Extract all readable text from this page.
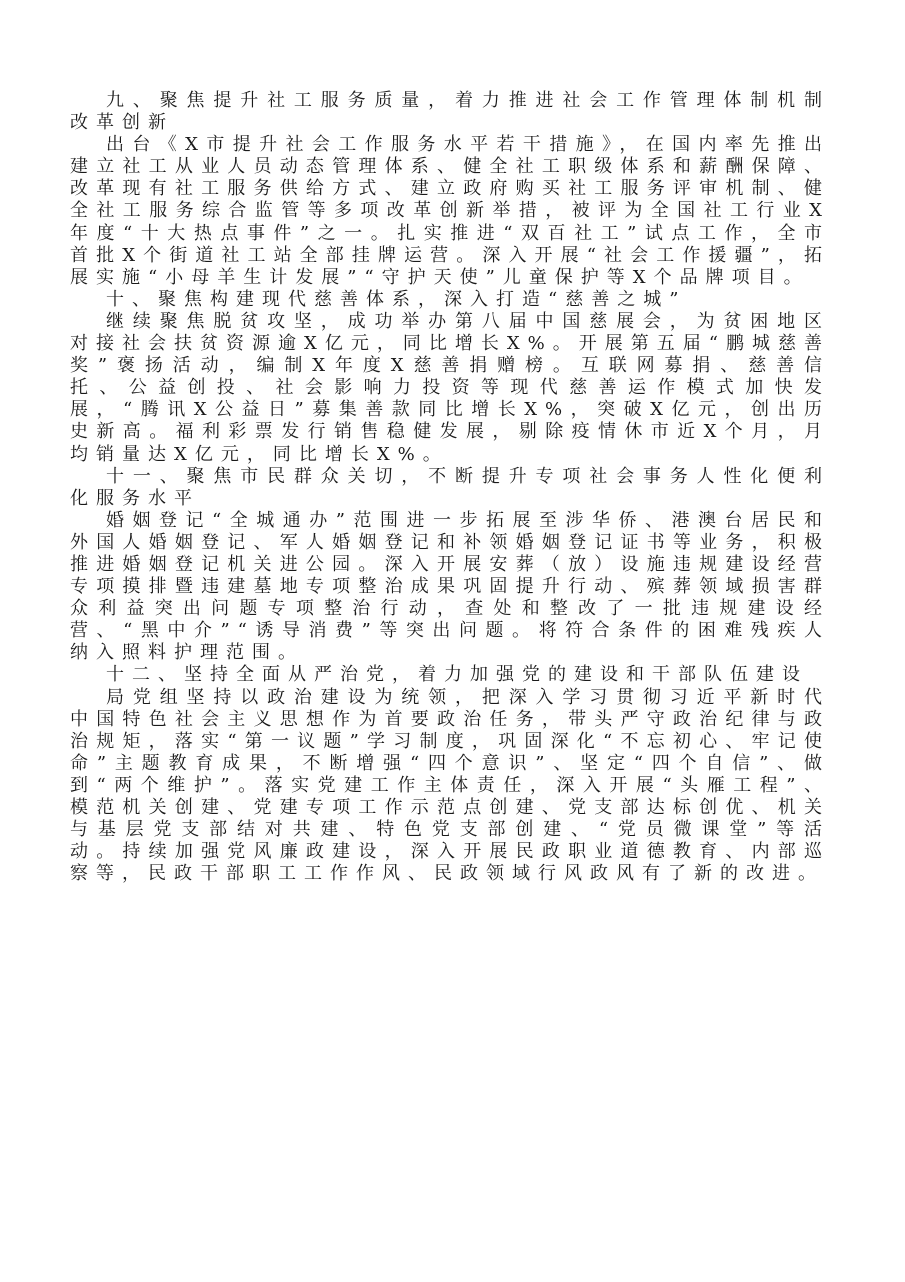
九、聚焦提升社工服务质量，着力推进社会工作管理体制机制改革创新

出台《X市提升社会工作服务水平若干措施》，在国内率先推出建立社工从业人员动态管理体系、健全社工职级体系和薪酬保障、改革现有社工服务供给方式、建立政府购买社工服务评审机制、健全社工服务综合监管等多项改革创新举措，被评为全国社工行业X年度“十大热点事件”之一。扎实推进“双百社工”试点工作，全市首批X个街道社工站全部挂牌运营。深入开展“社会工作援疆”，拓展实施“小母羊生计发展”“守护天使”儿童保护等X个品牌项目。

十、聚焦构建现代慈善体系，深入打造“慈善之城”

继续聚焦脱贫攻坚，成功举办第八届中国慈展会，为贫困地区对接社会扶贫资源逾X亿元，同比增长X%。开展第五届“鹏城慈善奖”褒扬活动，编制X年度X慈善捐赠榜。互联网募捐、慈善信托、公益创投、社会影响力投资等现代慈善运作模式加快发展，“腾讯X公益日”募集善款同比增长X%，突破X亿元，创出历史新高。福利彩票发行销售稳健发展，剔除疫情休市近X个月，月均销量达X亿元，同比增长X%。

十一、聚焦市民群众关切，不断提升专项社会事务人性化便利化服务水平

婚姻登记“全城通办”范围进一步拓展至涉华侨、港澳台居民和外国人婚姻登记、军人婚姻登记和补领婚姻登记证书等业务，积极推进婚姻登记机关进公园。深入开展安葬（放）设施违规建设经营专项摸排暨违建墓地专项整治成果巩固提升行动、殡葬领域损害群众利益突出问题专项整治行动，查处和整改了一批违规建设经营、“黑中介”“诱导消费”等突出问题。将符合条件的困难残疾人纳入照料护理范围。

十二、坚持全面从严治党，着力加强党的建设和干部队伍建设

局党组坚持以政治建设为统领，把深入学习贯彻习近平新时代中国特色社会主义思想作为首要政治任务，带头严守政治纪律与政治规矩，落实“第一议题”学习制度，巩固深化“不忘初心、牢记使命”主题教育成果，不断增强“四个意识”、坚定“四个自信”、做到“两个维护”。落实党建工作主体责任，深入开展“头雁工程”、模范机关创建、党建专项工作示范点创建、党支部达标创优、机关与基层党支部结对共建、特色党支部创建、“党员微课堂”等活动。持续加强党风廉政建设，深入开展民政职业道德教育、内部巡察等，民政干部职工工作作风、民政领域行风政风有了新的改进。
